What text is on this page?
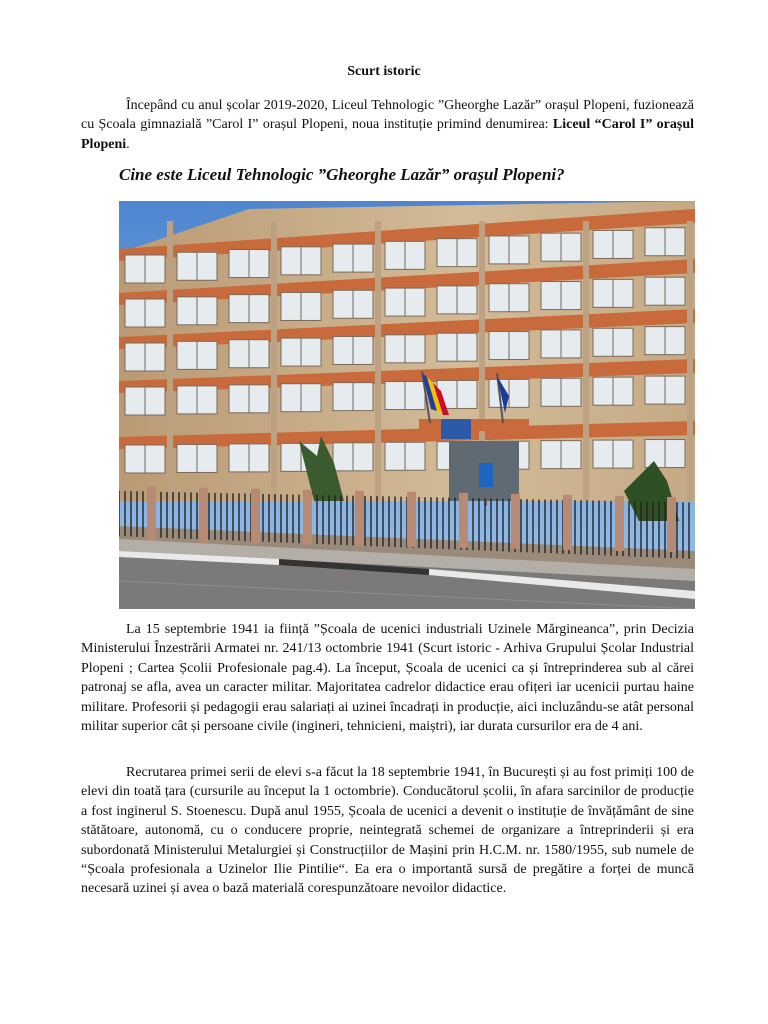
Scurt istoric

Începând cu anul școlar 2019-2020, Liceul Tehnologic ”Gheorghe Lazăr” orașul Plopeni, fuzionează cu Școala gimnazială ”Carol I” orașul Plopeni, noua instituție primind denumirea: Liceul “Carol I” orașul Plopeni.

Cine este Liceul Tehnologic ”Gheorghe Lazăr” orașul Plopeni?

La 15 septembrie 1941 ia ființă ”Școala de ucenici industriali Uzinele Mărgineanca”, prin Decizia Ministerului Înzestrării Armatei nr. 241/13 octombrie 1941 (Scurt istoric - Arhiva Grupului Școlar Industrial Plopeni ; Cartea Școlii Profesionale pag.4). La început, Școala de ucenici ca și întreprinderea sub al cărei patronaj se afla, avea un caracter militar. Majoritatea cadrelor didactice erau ofițeri iar ucenicii purtau haine militare. Profesorii și pedagogii erau salariați ai uzinei încadrați in producție, aici incluzându-se atât personal militar superior cât și persoane civile (ingineri, tehnicieni, maiștri), iar durata cursurilor era de 4 ani.

Recrutarea primei serii de elevi s-a făcut la 18 septembrie 1941, în București și au fost primiți 100 de elevi din toată țara (cursurile au început la 1 octombrie). Conducătorul școlii, în afara sarcinilor de producție a fost inginerul S. Stoenescu. După anul 1955, Școala de ucenici a devenit o instituție de învățământ de sine stătătoare, autonomă, cu o conducere proprie, neintegrată schemei de organizare a întreprinderii și era subordonată Ministerului Metalurgiei și Construcțiilor de Mașini prin H.C.M. nr. 1580/1955, sub numele de “Școala profesionala a Uzinelor Ilie Pintilie“. Ea era o importantă sursă de pregătire a forței de muncă necesară uzinei și avea o bază materială corespunzătoare nevoilor didactice.
